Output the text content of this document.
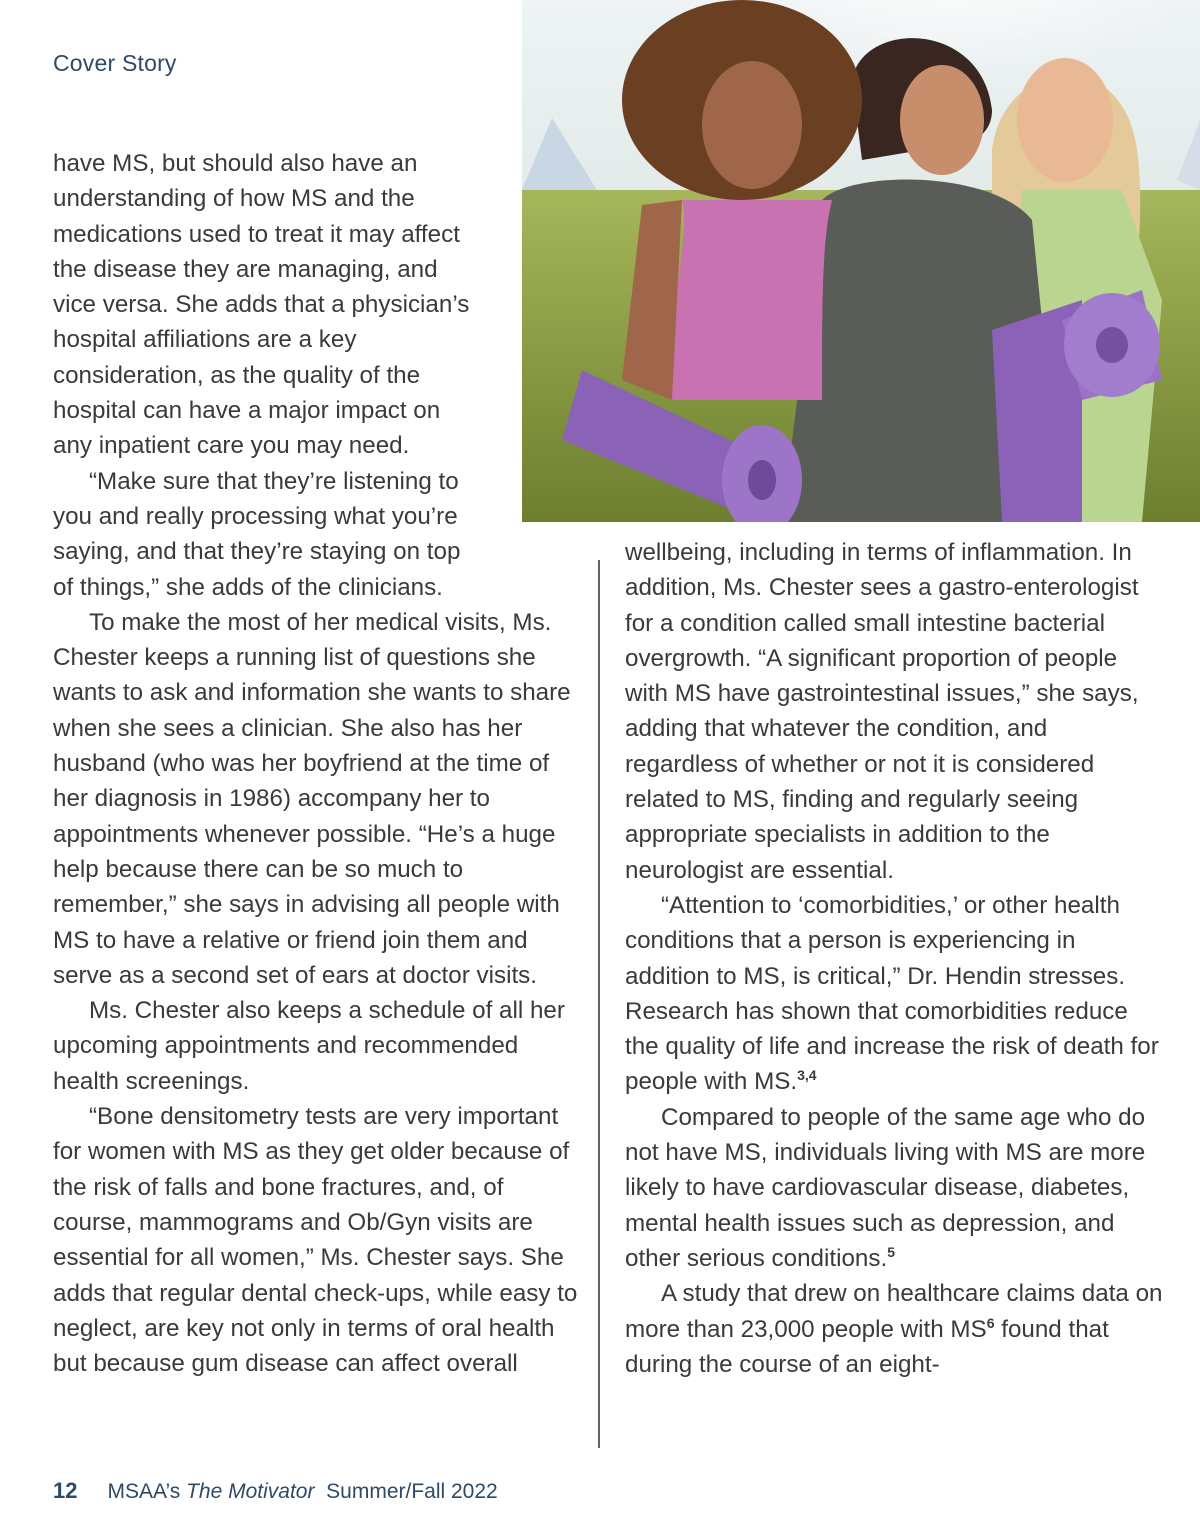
Cover Story

have MS, but should also have an
understanding of how MS and the
medications used to treat it may affect
the disease they are managing, and
vice versa. She adds that a physician’s
hospital affiliations are a key
consideration, as the quality of the
hospital can have a major impact on
any inpatient care you may need.

“Make sure that they’re listening to
you and really processing what you’re
saying, and that they’re staying on top
of things,” she adds of the clinicians.

To make the most of her medical visits, Ms. Chester keeps a running list of questions she wants to ask and information she wants to share when she sees a clinician. She also has her husband (who was her boyfriend at the time of her diagnosis in 1986) accompany her to appointments whenever possible. “He’s a huge help because there can be so much to remember,” she says in advising all people with MS to have a relative or friend join them and serve as a second set of ears at doctor visits.

Ms. Chester also keeps a schedule of all her upcoming appointments and recommended health screenings.

“Bone densitometry tests are very important for women with MS as they get older because of the risk of falls and bone fractures, and, of course, mammograms and Ob/Gyn visits are essential for all women,” Ms. Chester says. She adds that regular dental check-ups, while easy to neglect, are key not only in terms of oral health but because gum disease can affect overall

wellbeing, including in terms of inflammation. In addition, Ms. Chester sees a gastro-enterologist for a condition called small intestine bacterial overgrowth. “A significant proportion of people with MS have gastrointestinal issues,” she says, adding that whatever the condition, and regardless of whether or not it is considered related to MS, finding and regularly seeing appropriate specialists in addition to the neurologist are essential.

“Attention to ‘comorbidities,’ or other health conditions that a person is experiencing in addition to MS, is critical,” Dr. Hendin stresses. Research has shown that comorbidities reduce the quality of life and increase the risk of death for people with MS.$^{3,4}$

Compared to people of the same age who do not have MS, individuals living with MS are more likely to have cardiovascular disease, diabetes, mental health issues such as depression, and other serious conditions.$^5$

A study that drew on healthcare claims data on more than 23,000 people with MS$^6$ found that during the course of an eight-

12 MSAA’s The Motivator Summer/Fall 2022
